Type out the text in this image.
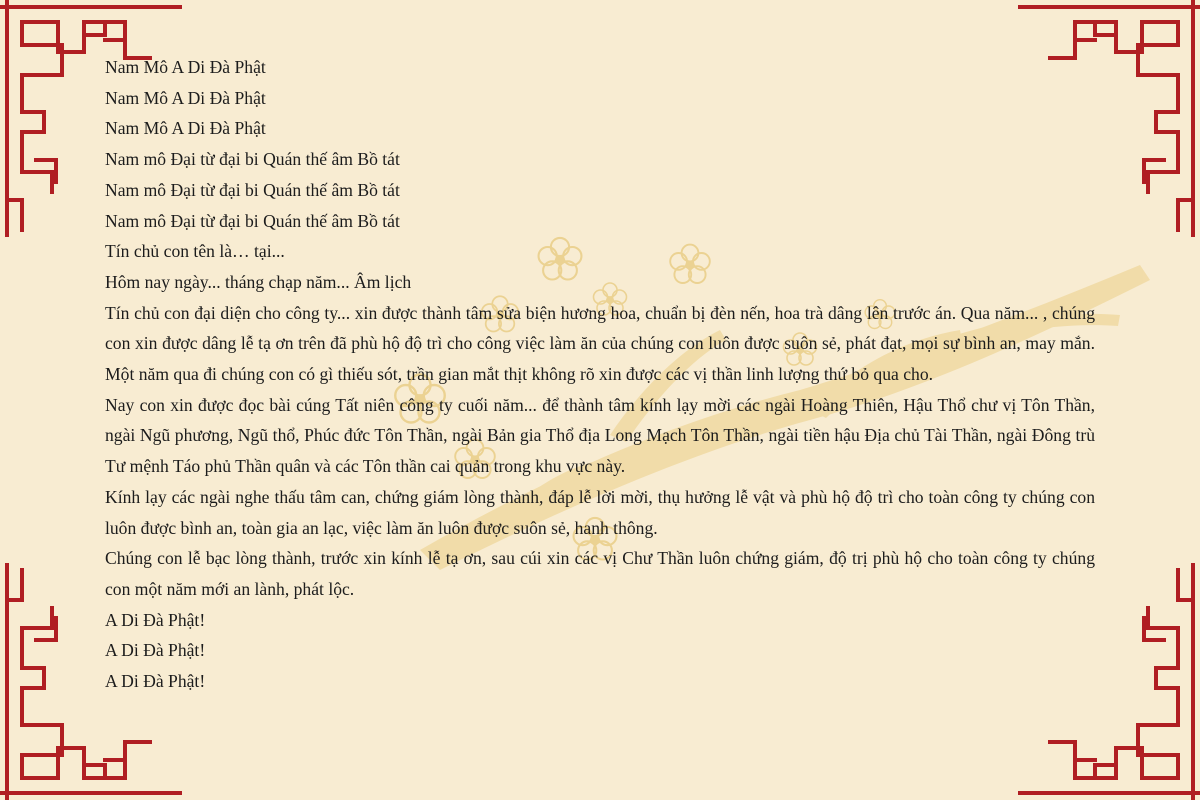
Nam Mô A Di Đà Phật

Nam Mô A Di Đà Phật

Nam Mô A Di Đà Phật

Nam mô Đại từ đại bi Quán thế âm Bồ tát

Nam mô Đại từ đại bi Quán thế âm Bồ tát

Nam mô Đại từ đại bi Quán thế âm Bồ tát

Tín chủ con tên là… tại...

Hôm nay ngày... tháng chạp năm... Âm lịch

Tín chủ con đại diện cho công ty... xin được thành tâm sửa biện hương hoa, chuẩn bị đèn nến, hoa trà dâng lên trước án. Qua năm... , chúng con xin được dâng lễ tạ ơn trên đã phù hộ độ trì cho công việc làm ăn của chúng con luôn được suôn sẻ, phát đạt, mọi sự bình an, may mắn. Một năm qua đi chúng con có gì thiếu sót, trần gian mắt thịt không rõ xin được các vị thần linh lượng thứ bỏ qua cho.

Nay con xin được đọc bài cúng Tất niên công ty cuối năm... để thành tâm kính lạy mời các ngài Hoàng Thiên, Hậu Thổ chư vị Tôn Thần, ngài Ngũ phương, Ngũ thổ, Phúc đức Tôn Thần, ngài Bản gia Thổ địa Long Mạch Tôn Thần, ngài tiền hậu Địa chủ Tài Thần, ngài Đông trù Tư mệnh Táo phủ Thần quân và các Tôn thần cai quản trong khu vực này.

Kính lạy các ngài nghe thấu tâm can, chứng giám lòng thành, đáp lễ lời mời, thụ hưởng lễ vật và phù hộ độ trì cho toàn công ty chúng con luôn được bình an, toàn gia an lạc, việc làm ăn luôn được suôn sẻ, hanh thông.

Chúng con lễ bạc lòng thành, trước xin kính lễ tạ ơn, sau cúi xin các vị Chư Thần luôn chứng giám, độ trị phù hộ cho toàn công ty chúng con một năm mới an lành, phát lộc.

A Di Đà Phật!

A Di Đà Phật!

A Di Đà Phật!
